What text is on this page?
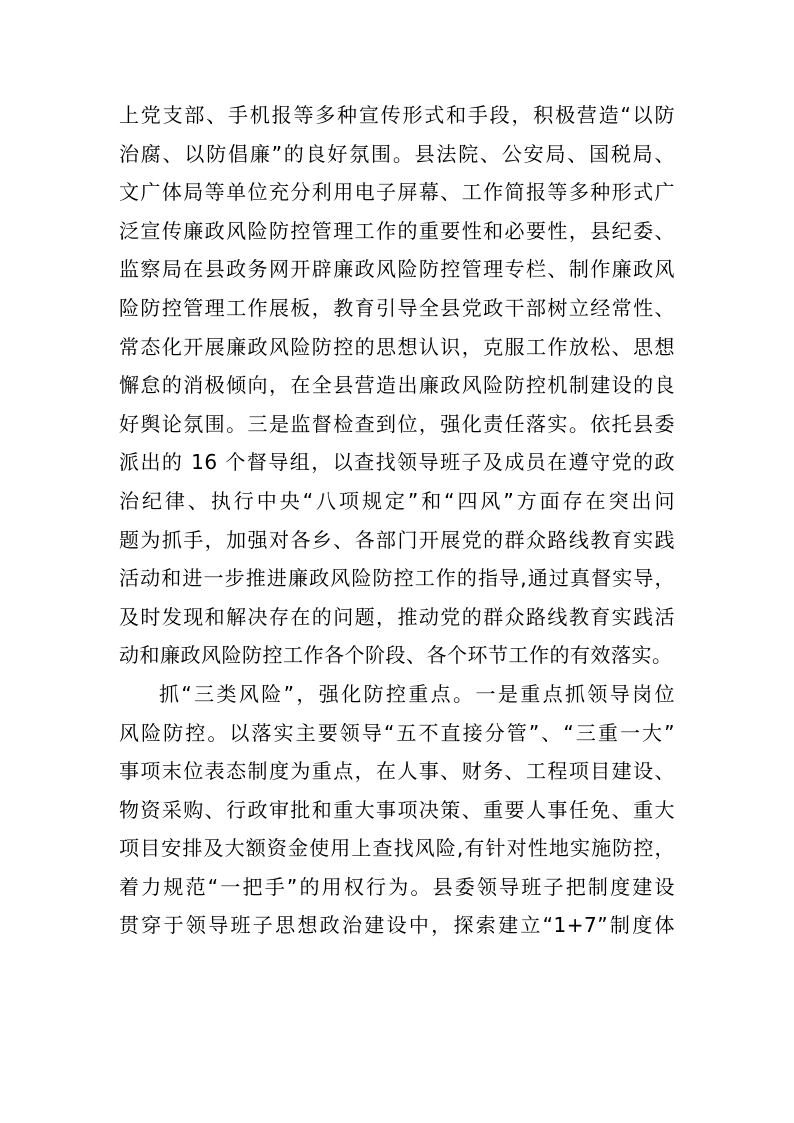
上党支部、手机报等多种宣传形式和手段，积极营造“以防
治腐、以防倡廉”的良好氛围。县法院、公安局、国税局、
文广体局等单位充分利用电子屏幕、工作简报等多种形式广
泛宣传廉政风险防控管理工作的重要性和必要性，县纪委、
监察局在县政务网开辟廉政风险防控管理专栏、制作廉政风
险防控管理工作展板，教育引导全县党政干部树立经常性、
常态化开展廉政风险防控的思想认识，克服工作放松、思想
懈怠的消极倾向，在全县营造出廉政风险防控机制建设的良
好舆论氛围。三是监督检查到位，强化责任落实。依托县委
派出的 16 个督导组，以查找领导班子及成员在遵守党的政
治纪律、执行中央“八项规定”和“四风”方面存在突出问
题为抓手，加强对各乡、各部门开展党的群众路线教育实践
活动和进一步推进廉政风险防控工作的指导,通过真督实导，
及时发现和解决存在的问题，推动党的群众路线教育实践活
动和廉政风险防控工作各个阶段、各个环节工作的有效落实。
抓“三类风险”，强化防控重点。一是重点抓领导岗位
风险防控。以落实主要领导“五不直接分管”、“三重一大”
事项末位表态制度为重点，在人事、财务、工程项目建设、
物资采购、行政审批和重大事项决策、重要人事任免、重大
项目安排及大额资金使用上查找风险,有针对性地实施防控，
着力规范“一把手”的用权行为。县委领导班子把制度建设
贯穿于领导班子思想政治建设中，探索建立“1+7”制度体
